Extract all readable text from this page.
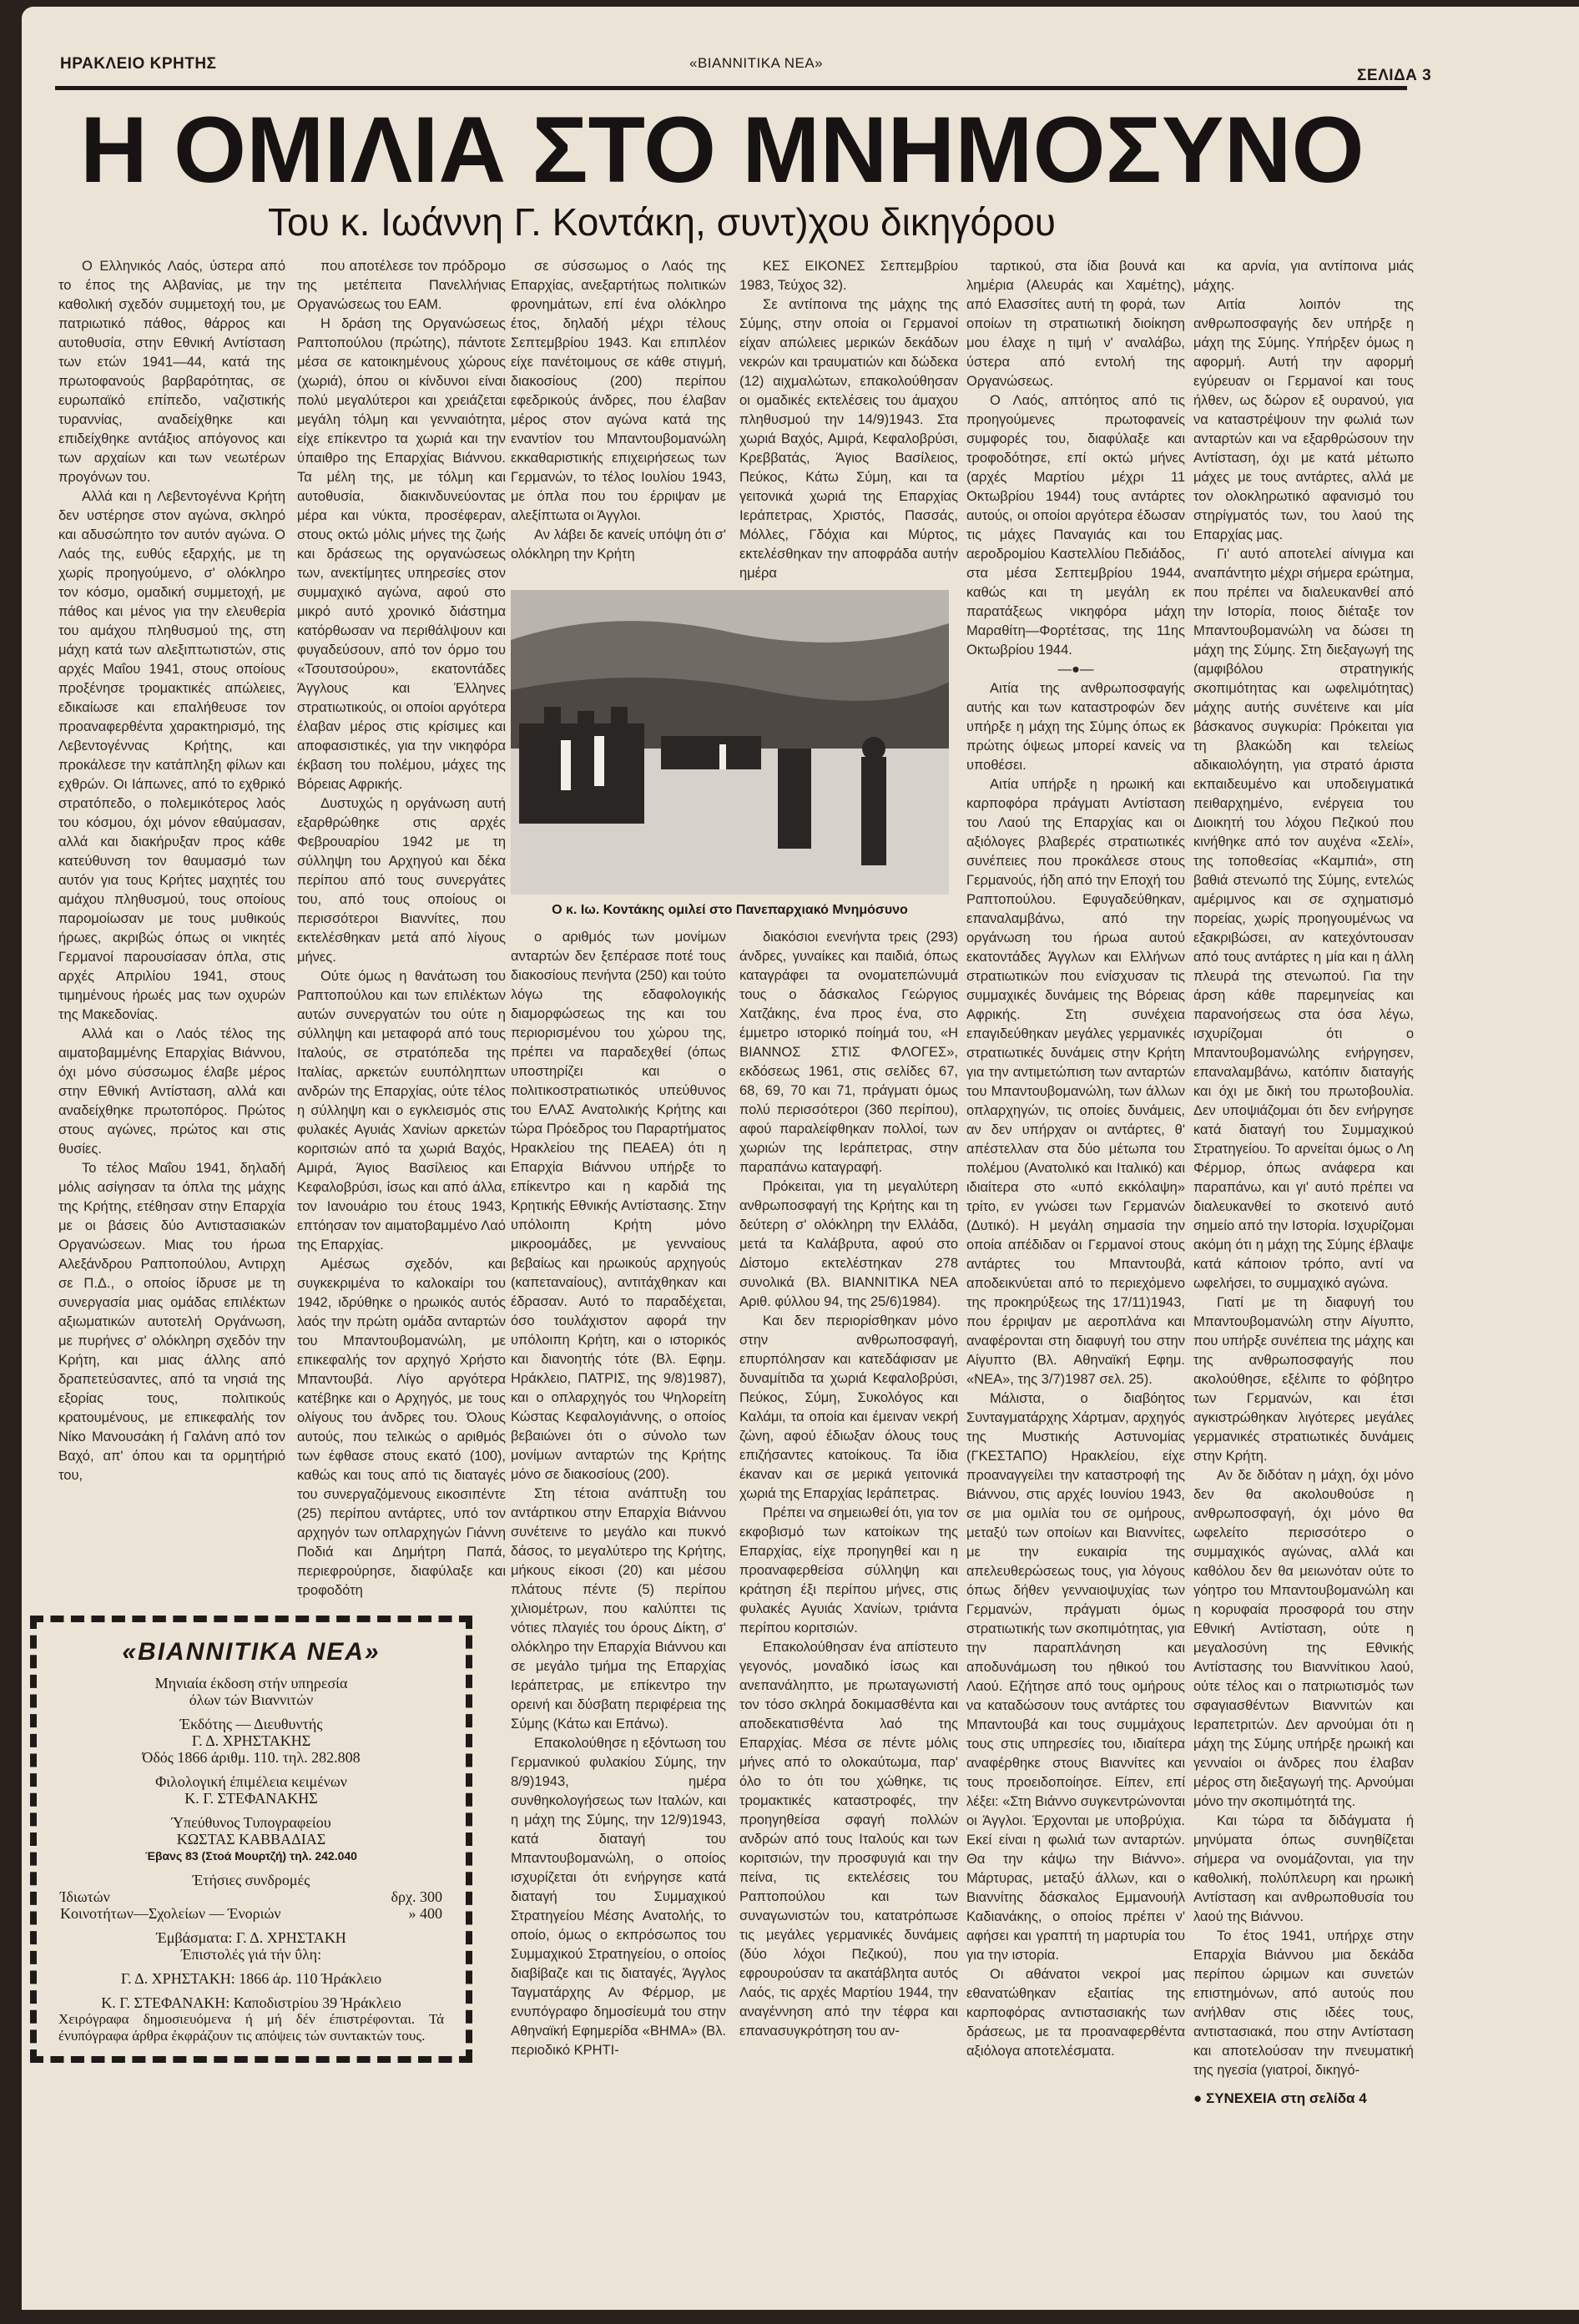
ΗΡΑΚΛΕΙΟ ΚΡΗΤΗΣ	«ΒΙΑΝΝΙΤΙΚΑ ΝΕΑ»
ΣΕΛΙΔΑ 3
Η ΟΜΙΛΙΑ ΣΤΟ ΜΝΗΜΟΣΥΝΟ
Του κ. Ιωάννη Γ. Κοντάκη, συντ)χου δικηγόρου

Ο Ελληνικός Λαός, ύστερα από το έπος της Αλβανίας, με την καθολική σχεδόν συμμετοχή του, με πατριωτικό πάθος, θάρρος και αυτοθυσία, στην Εθνική Αντίσταση των ετών 1941—44, κατά της πρωτοφανούς βαρβαρότητας, σε ευρωπαϊκό επίπεδο, ναζιστικής τυραννίας, αναδείχθηκε και επιδείχθηκε αντάξιος απόγονος και των αρχαίων και των νεωτέρων προγόνων του.

Αλλά και η Λεβεντογέννα Κρήτη δεν υστέρησε στον αγώνα, σκληρό και αδυσώπητο τον αυτόν αγώνα. Ο Λαός της, ευθύς εξαρχής, με τη χωρίς προηγούμενο, σ' ολόκληρο τον κόσμο, ομαδική συμμετοχή, με πάθος και μένος για την ελευθερία του αμάχου πληθυσμού της, στη μάχη κατά των αλεξιπτωτιστών, στις αρχές Μαΐου 1941, στους οποίους προξένησε τρομακτικές απώλειες, εδικαίωσε και επαλήθευσε τον προαναφερθέντα χαρακτηρισμό, της Λεβεντογέννας Κρήτης, και προκάλεσε την κατάπληξη φίλων και εχθρών. Οι Ιάπωνες, από το εχθρικό στρατόπεδο, ο πολεμικότερος λαός του κόσμου, όχι μόνον εθαύμασαν, αλλά και διακήρυξαν προς κάθε κατεύθυνση τον θαυμασμό των αυτόν για τους Κρήτες μαχητές του αμάχου πληθυσμού, τους οποίους παρομοίωσαν με τους μυθικούς ήρωες, ακριβώς όπως οι νικητές Γερμανοί παρουσίασαν όπλα, στις αρχές Απριλίου 1941, στους τιμημένους ήρωές μας των οχυρών της Μακεδονίας.

Αλλά και ο Λαός τέλος της αιματοβαμμένης Επαρχίας Βιάννου, όχι μόνο σύσσωμος έλαβε μέρος στην Εθνική Αντίσταση, αλλά και αναδείχθηκε πρωτοπόρος. Πρώτος στους αγώνες, πρώτος και στις θυσίες.

Το τέλος Μαΐου 1941, δηλαδή μόλις ασίγησαν τα όπλα της μάχης της Κρήτης, ετέθησαν στην Επαρχία με οι βάσεις δύο Αντιστασιακών Οργανώσεων. Μιας του ήρωα Αλεξάνδρου Ραπτοπούλου, Αντιρχη σε Π.Δ., ο οποίος ίδρυσε με τη συνεργασία μιας ομάδας επιλέκτων αξιωματικών αυτοτελή Οργάνωση, με πυρήνες σ' ολόκληρη σχεδόν την Κρήτη, και μιας άλλης από δραπετεύσαντες, από τα νησιά της εξορίας τους, πολιτικούς κρατουμένους, με επικεφαλής τον Νίκο Μανουσάκη ή Γαλάνη από τον Βαχό, απ' όπου και τα ορμητήριό του,

που αποτέλεσε τον πρόδρομο της μετέπειτα Πανελλήνιας Οργανώσεως του ΕΑΜ.

Η δράση της Οργανώσεως Ραπτοπούλου (πρώτης), πάντοτε μέσα σε κατοικημένους χώρους (χωριά), όπου οι κίνδυνοι είναι πολύ μεγαλύτεροι και χρειάζεται μεγάλη τόλμη και γενναιότητα, είχε επίκεντρο τα χωριά και την ύπαιθρο της Επαρχίας Βιάννου. Τα μέλη της, με τόλμη και αυτοθυσία, διακινδυνεύοντας μέρα και νύκτα, προσέφεραν, στους οκτώ μόλις μήνες της ζωής και δράσεως της οργανώσεως των, ανεκτίμητες υπηρεσίες στον συμμαχικό αγώνα, αφού στο μικρό αυτό χρονικό διάστημα κατόρθωσαν να περιθάλψουν και φυγαδεύσουν, από τον όρμο του «Τσουτσούρου», εκατοντάδες Άγγλους και Έλληνες στρατιωτικούς, οι οποίοι αργότερα έλαβαν μέρος στις κρίσιμες και αποφασιστικές, για την νικηφόρα έκβαση του πολέμου, μάχες της Βόρειας Αφρικής.

Δυστυχώς η οργάνωση αυτή εξαρθρώθηκε στις αρχές Φεβρουαρίου 1942 με τη σύλληψη του Αρχηγού και δέκα περίπου από τους συνεργάτες του, από τους οποίους οι περισσότεροι Βιαννίτες, που εκτελέσθηκαν μετά από λίγους μήνες.

Ούτε όμως η θανάτωση του Ραπτοπούλου και των επιλέκτων αυτών συνεργατών του ούτε η σύλληψη και μεταφορά από τους Ιταλούς, σε στρατόπεδα της Ιταλίας, αρκετών ευυπόληπτων ανδρών της Επαρχίας, ούτε τέλος η σύλληψη και ο εγκλεισμός στις φυλακές Αγυιάς Χανίων αρκετών κοριτσιών από τα χωριά Βαχός, Αμιρά, Άγιος Βασίλειος και Κεφαλοβρύσι, ίσως και από άλλα, τον Ιανουάριο του έτους 1943, επτόησαν τον αιματοβαμμένο Λαό της Επαρχίας.

Αμέσως σχεδόν, και συγκεκριμένα το καλοκαίρι του 1942, ιδρύθηκε ο ηρωικός αυτός λαός την πρώτη ομάδα ανταρτών του Μπαντουβομανώλη, με επικεφαλής τον αρχηγό Χρήστο Μπαντουβά. Λίγο αργότερα κατέβηκε και ο Αρχηγός, με τους ολίγους του άνδρες του. Όλους αυτούς, που τελικώς ο αριθμός των έφθασε στους εκατό (100), καθώς και τους από τις διαταγές του συνεργαζόμενους εικοσιπέντε (25) περίπου αντάρτες, υπό τον αρχηγόν των οπλαρχηγών Γιάννη Ποδιά και Δημήτρη Παπά, περιεφρούρησε, διαφύλαξε και τροφοδότη

«ΒΙΑΝΝΙΤΙΚΑ ΝΕΑ»
Μηνιαία έκδοση στήν υπηρεσία
όλων τών Βιαννιτών
Έκδότης — Διευθυντής
Γ. Δ. ΧΡΗΣΤΑΚΗΣ
Όδός 1866 άριθμ. 110. τηλ. 282.808
Φιλολογική έπιμέλεια κειμένων
Κ. Γ. ΣΤΕΦΑΝΑΚΗΣ
Ύπεύθυνος Τυπογραφείου
ΚΩΣΤΑΣ ΚΑΒΒΑΔΙΑΣ
Έβανς 83 (Στοά Μουρτζή) τηλ. 242.040
Έτήσιες συνδρομές
Ίδιωτών	δρχ. 300
Κοινοτήτων—Σχολείων — Ένοριών	» 400
Έμβάσματα: Γ. Δ. ΧΡΗΣΤΑΚΗ
Έπιστολές γιά τήν ΰλη:
Γ. Δ. ΧΡΗΣΤΑΚΗ: 1866 άρ. 110 Ήράκλειο
Κ. Γ. ΣΤΕΦΑΝΑΚΗ: Καποδιστρίου 39 Ήράκλειο
Χειρόγραφα δημοσιευόμενα ή μή δέν έπιστρέφονται. Τά ένυπόγραφα άρθρα έκφράζουν τις απόψεις τών συντακτών τους.

σε σύσσωμος ο Λαός της Επαρχίας, ανεξαρτήτως πολιτικών φρονημάτων, επί ένα ολόκληρο έτος, δηλαδή μέχρι τέλους Σεπτεμβρίου 1943. Και επιπλέον είχε πανέτοιμους σε κάθε στιγμή, διακοσίους (200) περίπου εφεδρικούς άνδρες, που έλαβαν μέρος στον αγώνα κατά της εναντίον του Μπαντουβομανώλη εκκαθαριστικής επιχειρήσεως των Γερμανών, το τέλος Ιουλίου 1943, με όπλα που του έρριψαν με αλεξίπτωτα οι Άγγλοι.

Αν λάβει δε κανείς υπόψη ότι σ' ολόκληρη την Κρήτη

ΚΕΣ ΕΙΚΟΝΕΣ Σεπτεμβρίου 1983, Τεύχος 32).

Σε αντίποινα της μάχης της Σύμης, στην οποία οι Γερμανοί είχαν απώλειες μερικών δεκάδων νεκρών και τραυματιών και δώδεκα (12) αιχμαλώτων, επακολούθησαν οι ομαδικές εκτελέσεις του άμαχου πληθυσμού την 14/9)1943. Στα χωριά Βαχός, Αμιρά, Κεφαλοβρύσι, Κρεββατάς, Άγιος Βασίλειος, Πεύκος, Κάτω Σύμη, και τα γειτονικά χωριά της Επαρχίας Ιεράπετρας, Χριστός, Πασσάς, Μόλλες, Γδόχια και Μύρτος, εκτελέσθηκαν την αποφράδα αυτήν ημέρα

Ο κ. Ιω. Κοντάκης ομιλεί στο Πανεπαρχιακό Μνημόσυνο

ο αριθμός των μονίμων ανταρτών δεν ξεπέρασε ποτέ τους διακοσίους πενήντα (250) και τούτο λόγω της εδαφολογικής διαμορφώσεως της και του περιορισμένου του χώρου της, πρέπει να παραδεχθεί (όπως υποστηρίζει και ο πολιτικοστρατιωτικός υπεύθυνος του ΕΛΑΣ Ανατολικής Κρήτης και τώρα Πρόεδρος του Παραρτήματος Ηρακλείου της ΠΕΑΕΑ) ότι η Επαρχία Βιάννου υπήρξε το επίκεντρο και η καρδιά της Κρητικής Εθνικής Αντίστασης. Στην υπόλοιπη Κρήτη μόνο μικροομάδες, με γενναίους βεβαίως και ηρωικούς αρχηγούς (καπεταναίους), αντιτάχθηκαν και έδρασαν. Αυτό το παραδέχεται, όσο τουλάχιστον αφορά την υπόλοιπη Κρήτη, και ο ιστορικός και διανοητής τότε (Βλ. Εφημ. Ηράκλειο, ΠΑΤΡΙΣ, της 9/8)1987), και ο οπλαρχηγός του Ψηλορείτη Κώστας Κεφαλογιάννης, ο οποίος βεβαιώνει ότι ο σύνολο των μονίμων ανταρτών της Κρήτης μόνο σε διακοσίους (200).

Στη τέτοια ανάπτυξη του αντάρτικου στην Επαρχία Βιάννου συνέτεινε το μεγάλο και πυκνό δάσος, το μεγαλύτερο της Κρήτης, μήκους είκοσι (20) και μέσου πλάτους πέντε (5) περίπου χιλιομέτρων, που καλύπτει τις νότιες πλαγιές του όρους Δίκτη, σ' ολόκληρο την Επαρχία Βιάννου και σε μεγάλο τμήμα της Επαρχίας Ιεράπετρας, με επίκεντρο την ορεινή και δύσβατη περιφέρεια της Σύμης (Κάτω και Επάνω).

Επακολούθησε η εξόντωση του Γερμανικού φυλακίου Σύμης, την 8/9)1943, ημέρα συνθηκολογήσεως των Ιταλών, και η μάχη της Σύμης, την 12/9)1943, κατά διαταγή του Μπαντουβομανώλη, ο οποίος ισχυρίζεται ότι ενήργησε κατά διαταγή του Συμμαχικού Στρατηγείου Μέσης Ανατολής, το οποίο, όμως ο εκπρόσωπος του Συμμαχικού Στρατηγείου, ο οποίος διαβίβαζε και τις διαταγές, Άγγλος Ταγματάρχης Αν Φέρμορ, με ενυπόγραφο δημοσίευμά του στην Αθηναϊκή Εφημερίδα «ΒΗΜΑ» (Βλ. περιοδικό ΚΡΗΤΙ-

διακόσιοι ενενήντα τρεις (293) άνδρες, γυναίκες και παιδιά, όπως καταγράφει τα ονοματεπώνυμά τους ο δάσκαλος Γεώργιος Χατζάκης, ένα προς ένα, στο έμμετρο ιστορικό ποίημά του, «Η ΒΙΑΝΝΟΣ ΣΤΙΣ ΦΛΟΓΕΣ», εκδόσεως 1961, στις σελίδες 67, 68, 69, 70 και 71, πράγματι όμως πολύ περισσότεροι (360 περίπου), αφού παραλείφθηκαν πολλοί, των χωριών της Ιεράπετρας, στην παραπάνω καταγραφή.

Πρόκειται, για τη μεγαλύτερη ανθρωποσφαγή της Κρήτης και τη δεύτερη σ' ολόκληρη την Ελλάδα, μετά τα Καλάβρυτα, αφού στο Δίστομο εκτελέστηκαν 278 συνολικά (Βλ. ΒΙΑΝΝΙΤΙΚΑ ΝΕΑ Αριθ. φύλλου 94, της 25/6)1984).

Και δεν περιορίσθηκαν μόνο στην ανθρωποσφαγή, επυρπόλησαν και κατεδάφισαν με δυναμίτιδα τα χωριά Κεφαλοβρύσι, Πεύκος, Σύμη, Συκολόγος και Καλάμι, τα οποία και έμειναν νεκρή ζώνη, αφού έδιωξαν όλους τους επιζήσαντες κατοίκους. Τα ίδια έκαναν και σε μερικά γειτονικά χωριά της Επαρχίας Ιεράπετρας.

Πρέπει να σημειωθεί ότι, για τον εκφοβισμό των κατοίκων της Επαρχίας, είχε προηγηθεί και η προαναφερθείσα σύλληψη και κράτηση έξι περίπου μήνες, στις φυλακές Αγυιάς Χανίων, τριάντα περίπου κοριτσιών.

Επακολούθησαν ένα απίστευτο γεγονός, μοναδικό ίσως και ανεπανάληπτο, με πρωταγωνιστή τον τόσο σκληρά δοκιμασθέντα και αποδεκατισθέντα λαό της Επαρχίας. Μέσα σε πέντε μόλις μήνες από το ολοκαύτωμα, παρ' όλο το ότι του χώθηκε, τις τρομακτικές καταστροφές, την προηγηθείσα σφαγή πολλών ανδρών από τους Ιταλούς και των κοριτσιών, την προσφυγιά και την πείνα, τις εκτελέσεις του Ραπτοπούλου και των συναγωνιστών του, κατατρόπωσε τις μεγάλες γερμανικές δυνάμεις (δύο λόχοι Πεζικού), που εφρουρούσαν τα ακατάβλητα αυτός Λαός, τις αρχές Μαρτίου 1944, την αναγέννηση από την τέφρα και επανασυγκρότηση του αν-

ταρτικού, στα ίδια βουνά και λημέρια (Αλευράς και Χαμέτης), από Ελασσίτες αυτή τη φορά, των οποίων τη στρατιωτική διοίκηση μου έλαχε η τιμή ν' αναλάβω, ύστερα από εντολή της Οργανώσεως.

Ο Λαός, απτόητος από τις προηγούμενες πρωτοφανείς συμφορές του, διαφύλαξε και τροφοδότησε, επί οκτώ μήνες (αρχές Μαρτίου μέχρι 11 Οκτωβρίου 1944) τους αντάρτες αυτούς, οι οποίοι αργότερα έδωσαν τις μάχες Παναγιάς και του αεροδρομίου Καστελλίου Πεδιάδος, στα μέσα Σεπτεμβρίου 1944, καθώς και τη μεγάλη εκ παρατάξεως νικηφόρα μάχη Μαραθίτη—Φορτέτσας, της 11ης Οκτωβρίου 1944.

—●—

Αιτία της ανθρωποσφαγής αυτής και των καταστροφών δεν υπήρξε η μάχη της Σύμης όπως εκ πρώτης όψεως μπορεί κανείς να υποθέσει.

Αιτία υπήρξε η ηρωική και καρποφόρα πράγματι Αντίσταση του Λαού της Επαρχίας και οι αξιόλογες βλαβερές στρατιωτικές συνέπειες που προκάλεσε στους Γερμανούς, ήδη από την Εποχή του Ραπτοπούλου. Εφυγαδεύθηκαν, επαναλαμβάνω, από την οργάνωση του ήρωα αυτού εκατοντάδες Άγγλων και Ελλήνων στρατιωτικών που ενίσχυσαν τις συμμαχικές δυνάμεις της Βόρειας Αφρικής. Στη συνέχεια επαγιδεύθηκαν μεγάλες γερμανικές στρατιωτικές δυνάμεις στην Κρήτη για την αντιμετώπιση των ανταρτών του Μπαντουβομανώλη, των άλλων οπλαρχηγών, τις οποίες δυνάμεις, αν δεν υπήρχαν οι αντάρτες, θ' απέστελλαν στα δύο μέτωπα του πολέμου (Ανατολικό και Ιταλικό) και ιδιαίτερα στο «υπό εκκόλαψη» τρίτο, εν γνώσει των Γερμανών (Δυτικό). Η μεγάλη σημασία την οποία απέδιδαν οι Γερμανοί στους αντάρτες του Μπαντουβά, αποδεικνύεται από το περιεχόμενο της προκηρύξεως της 17/11)1943, που έρριψαν με αεροπλάνα και αναφέρονται στη διαφυγή του στην Αίγυπτο (Βλ. Αθηναϊκή Εφημ. «ΝΕΑ», της 3/7)1987 σελ. 25).

Μάλιστα, ο διαβόητος Συνταγματάρχης Χάρτμαν, αρχηγός της Μυστικής Αστυνομίας (ΓΚΕΣΤΑΠΟ) Ηρακλείου, είχε προαναγγείλει την καταστροφή της Βιάννου, στις αρχές Ιουνίου 1943, σε μια ομιλία του σε ομήρους, μεταξύ των οποίων και Βιαννίτες, με την ευκαιρία της απελευθερώσεως τους, για λόγους όπως δήθεν γενναιοψυχίας των Γερμανών, πράγματι όμως στρατιωτικής των σκοπιμότητας, για την παραπλάνηση και αποδυνάμωση του ηθικού του Λαού. Εζήτησε από τους ομήρους να καταδώσουν τους αντάρτες του Μπαντουβά και τους συμμάχους τους στις υπηρεσίες του, ιδιαίτερα αναφέρθηκε στους Βιαννίτες και τους προειδοποίησε. Είπεν, επί λέξει: «Στη Βιάννο συγκεντρώνονται οι Άγγλοι. Έρχονται με υποβρύχια. Εκεί είναι η φωλιά των ανταρτών. Θα την κάψω την Βιάννο». Μάρτυρας, μεταξύ άλλων, και ο Βιαννίτης δάσκαλος Εμμανουήλ Καδιανάκης, ο οποίος πρέπει ν' αφήσει και γραπτή τη μαρτυρία του για την ιστορία.

Οι αθάνατοι νεκροί μας εθανατώθηκαν εξαιτίας της καρποφόρας αντιστασιακής των δράσεως, με τα προαναφερθέντα αξιόλογα αποτελέσματα.

κα αρνία, για αντίποινα μιάς μάχης.

Αιτία λοιπόν της ανθρωποσφαγής δεν υπήρξε η μάχη της Σύμης. Υπήρξεν όμως η αφορμή. Αυτή την αφορμή εγύρευαν οι Γερμανοί και τους ήλθεν, ως δώρον εξ ουρανού, για να καταστρέψουν την φωλιά των ανταρτών και να εξαρθρώσουν την Αντίσταση, όχι με κατά μέτωπο μάχες με τους αντάρτες, αλλά με τον ολοκληρωτικό αφανισμό του στηρίγματός των, του λαού της Επαρχίας μας.

Γι' αυτό αποτελεί αίνιγμα και αναπάντητο μέχρι σήμερα ερώτημα, που πρέπει να διαλευκανθεί από την Ιστορία, ποιος διέταξε τον Μπαντουβομανώλη να δώσει τη μάχη της Σύμης. Στη διεξαγωγή της (αμφιβόλου στρατηγικής σκοπιμότητας και ωφελιμότητας) μάχης αυτής συνέτεινε και μία βάσκανος συγκυρία: Πρόκειται για τη βλακώδη και τελείως αδικαιολόγητη, για στρατό άριστα εκπαιδευμένο και υποδειγματικά πειθαρχημένο, ενέργεια του Διοικητή του λόχου Πεζικού που κινήθηκε από τον αυχένα «Σελί», της τοποθεσίας «Καμπιά», στη βαθιά στενωπό της Σύμης, εντελώς αμέριμνος και σε σχηματισμό πορείας, χωρίς προηγουμένως να εξακριβώσει, αν κατεχόντουσαν από τους αντάρτες η μία και η άλλη πλευρά της στενωπού. Για την άρση κάθε παρεμηνείας και παρανοήσεως στα όσα λέγω, ισχυρίζομαι ότι ο Μπαντουβομανώλης ενήργησεν, επαναλαμβάνω, κατόπιν διαταγής και όχι με δική του πρωτοβουλία. Δεν υποψιάζομαι ότι δεν ενήργησε κατά διαταγή του Συμμαχικού Στρατηγείου. Το αρνείται όμως ο Λη Φέρμορ, όπως ανάφερα και παραπάνω, και γι' αυτό πρέπει να διαλευκανθεί το σκοτεινό αυτό σημείο από την Ιστορία. Ισχυρίζομαι ακόμη ότι η μάχη της Σύμης έβλαψε κατά κάποιον τρόπο, αντί να ωφελήσει, το συμμαχικό αγώνα.

Γιατί με τη διαφυγή του Μπαντουβομανώλη στην Αίγυπτο, που υπήρξε συνέπεια της μάχης και της ανθρωποσφαγής που ακολούθησε, εξέλιπε το φόβητρο των Γερμανών, και έτσι αγκιστρώθηκαν λιγότερες μεγάλες γερμανικές στρατιωτικές δυνάμεις στην Κρήτη.

Αν δε διδόταν η μάχη, όχι μόνο δεν θα ακολουθούσε η ανθρωποσφαγή, όχι μόνο θα ωφελείτο περισσότερο ο συμμαχικός αγώνας, αλλά και καθόλου δεν θα μειωνόταν ούτε το γόητρο του Μπαντουβομανώλη και η κορυφαία προσφορά του στην Εθνική Αντίσταση, ούτε η μεγαλοσύνη της Εθνικής Αντίστασης του Βιαννίτικου λαού, ούτε τέλος και ο πατριωτισμός των σφαγιασθέντων Βιαννιτών και Ιεραπετριτών. Δεν αρνούμαι ότι η μάχη της Σύμης υπήρξε ηρωική και γενναίοι οι άνδρες που έλαβαν μέρος στη διεξαγωγή της. Αρνούμαι μόνο την σκοπιμότητά της.

Και τώρα τα διδάγματα ή μηνύματα όπως συνηθίζεται σήμερα να ονομάζονται, για την καθολική, πολύπλευρη και ηρωική Αντίσταση και ανθρωποθυσία του λαού της Βιάννου.

Το έτος 1941, υπήρχε στην Επαρχία Βιάννου μια δεκάδα περίπου ώριμων και συνετών επιστημόνων, από αυτούς που ανήλθαν στις ιδέες τους, αντιστασιακά, που στην Αντίσταση και αποτελούσαν την πνευματική της ηγεσία (γιατροί, δικηγό-

● ΣΥΝΕΧΕΙΑ στη σελίδα 4
